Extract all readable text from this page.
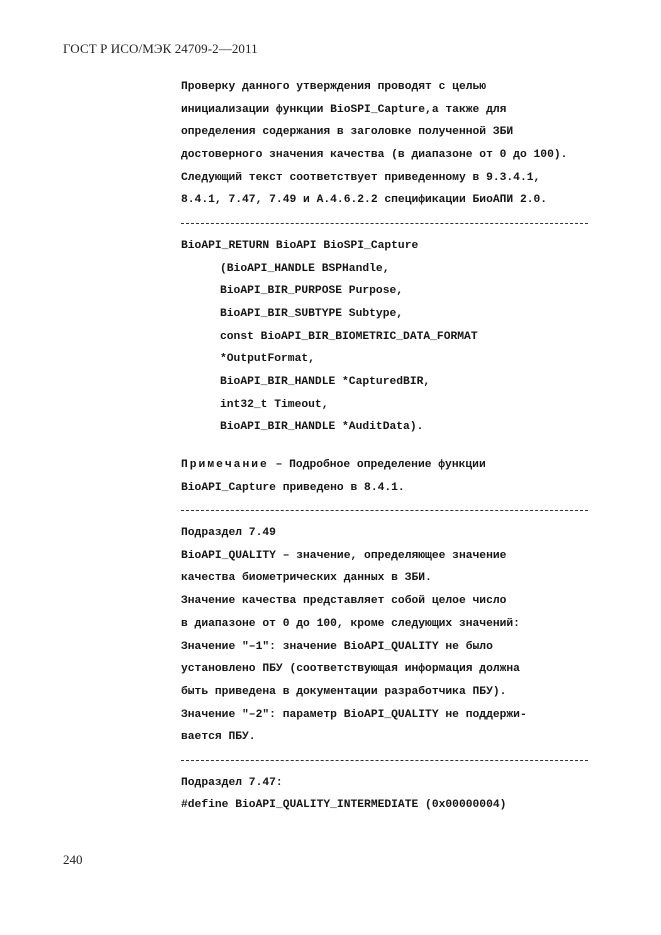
ГОСТ Р ИСО/МЭК 24709-2—2011
Проверку данного утверждения проводят с целью
инициализации функции BioSPI_Capture,а также для
определения содержания в заголовке полученной ЗБИ
достоверного значения качества (в диапазоне от 0 до 100).
Следующий текст соответствует приведенному в 9.3.4.1,
8.4.1, 7.47, 7.49 и A.4.6.2.2 спецификации БиоАПИ 2.0.
BioAPI_RETURN BioAPI BioSPI_Capture
(BioAPI_HANDLE BSPHandle,
BioAPI_BIR_PURPOSE Purpose,
BioAPI_BIR_SUBTYPE Subtype,
const BioAPI_BIR_BIOMETRIC_DATA_FORMAT
*OutputFormat,
BioAPI_BIR_HANDLE *CapturedBIR,
int32_t Timeout,
BioAPI_BIR_HANDLE *AuditData).
Примечание – Подробное определение функции
BioAPI_Capture приведено в 8.4.1.
Подраздел 7.49
BioAPI_QUALITY – значение, определяющее значение
качества биометрических данных в ЗБИ.
Значение качества представляет собой целое число
в диапазоне от 0 до 100, кроме следующих значений:
Значение "–1": значение BioAPI_QUALITY не было
установлено ПБУ (соответствующая информация должна
быть приведена в документации разработчика ПБУ).
Значение "–2": параметр BioAPI_QUALITY не поддержи-
вается ПБУ.
Подраздел 7.47:
#define BioAPI_QUALITY_INTERMEDIATE (0x00000004)
240
